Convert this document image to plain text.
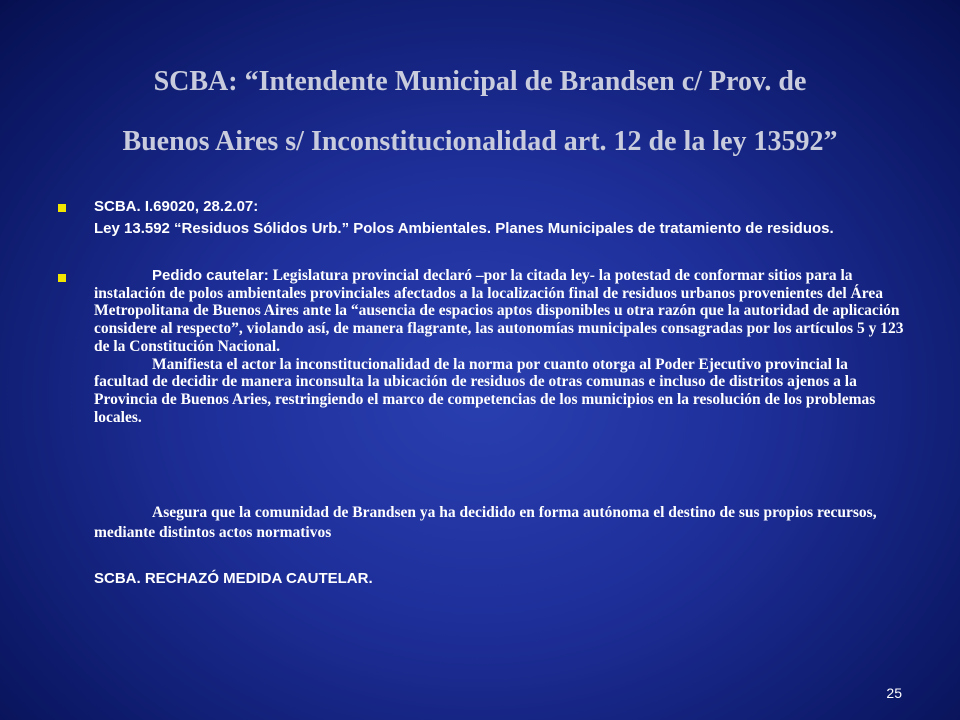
SCBA: “Intendente Municipal de Brandsen c/ Prov. de
Buenos Aires s/ Inconstitucionalidad art. 12 de la ley 13592”
SCBA. I.69020, 28.2.07:
Ley 13.592 “Residuos Sólidos Urb.” Polos Ambientales. Planes Municipales de tratamiento de residuos.
Pedido cautelar: Legislatura provincial declaró –por la citada ley- la potestad de conformar sitios para la instalación de polos ambientales provinciales afectados a la localización final de residuos urbanos provenientes del Área Metropolitana de Buenos Aires ante la “ausencia de espacios aptos disponibles u otra razón que la autoridad de aplicación considere al respecto”, violando así, de manera flagrante, las autonomías municipales consagradas por los artículos 5 y 123 de la Constitución Nacional.
Manifiesta el actor la inconstitucionalidad de la norma por cuanto otorga al Poder Ejecutivo provincial la facultad de decidir de manera inconsulta la ubicación de residuos de otras comunas e incluso de distritos ajenos a la Provincia de Buenos Aries, restringiendo el marco de competencias de los municipios en la resolución de los problemas locales.
Asegura que la comunidad de Brandsen ya ha decidido en forma autónoma el destino de sus propios recursos, mediante distintos actos normativos
SCBA. RECHAZÓ MEDIDA CAUTELAR.
25
